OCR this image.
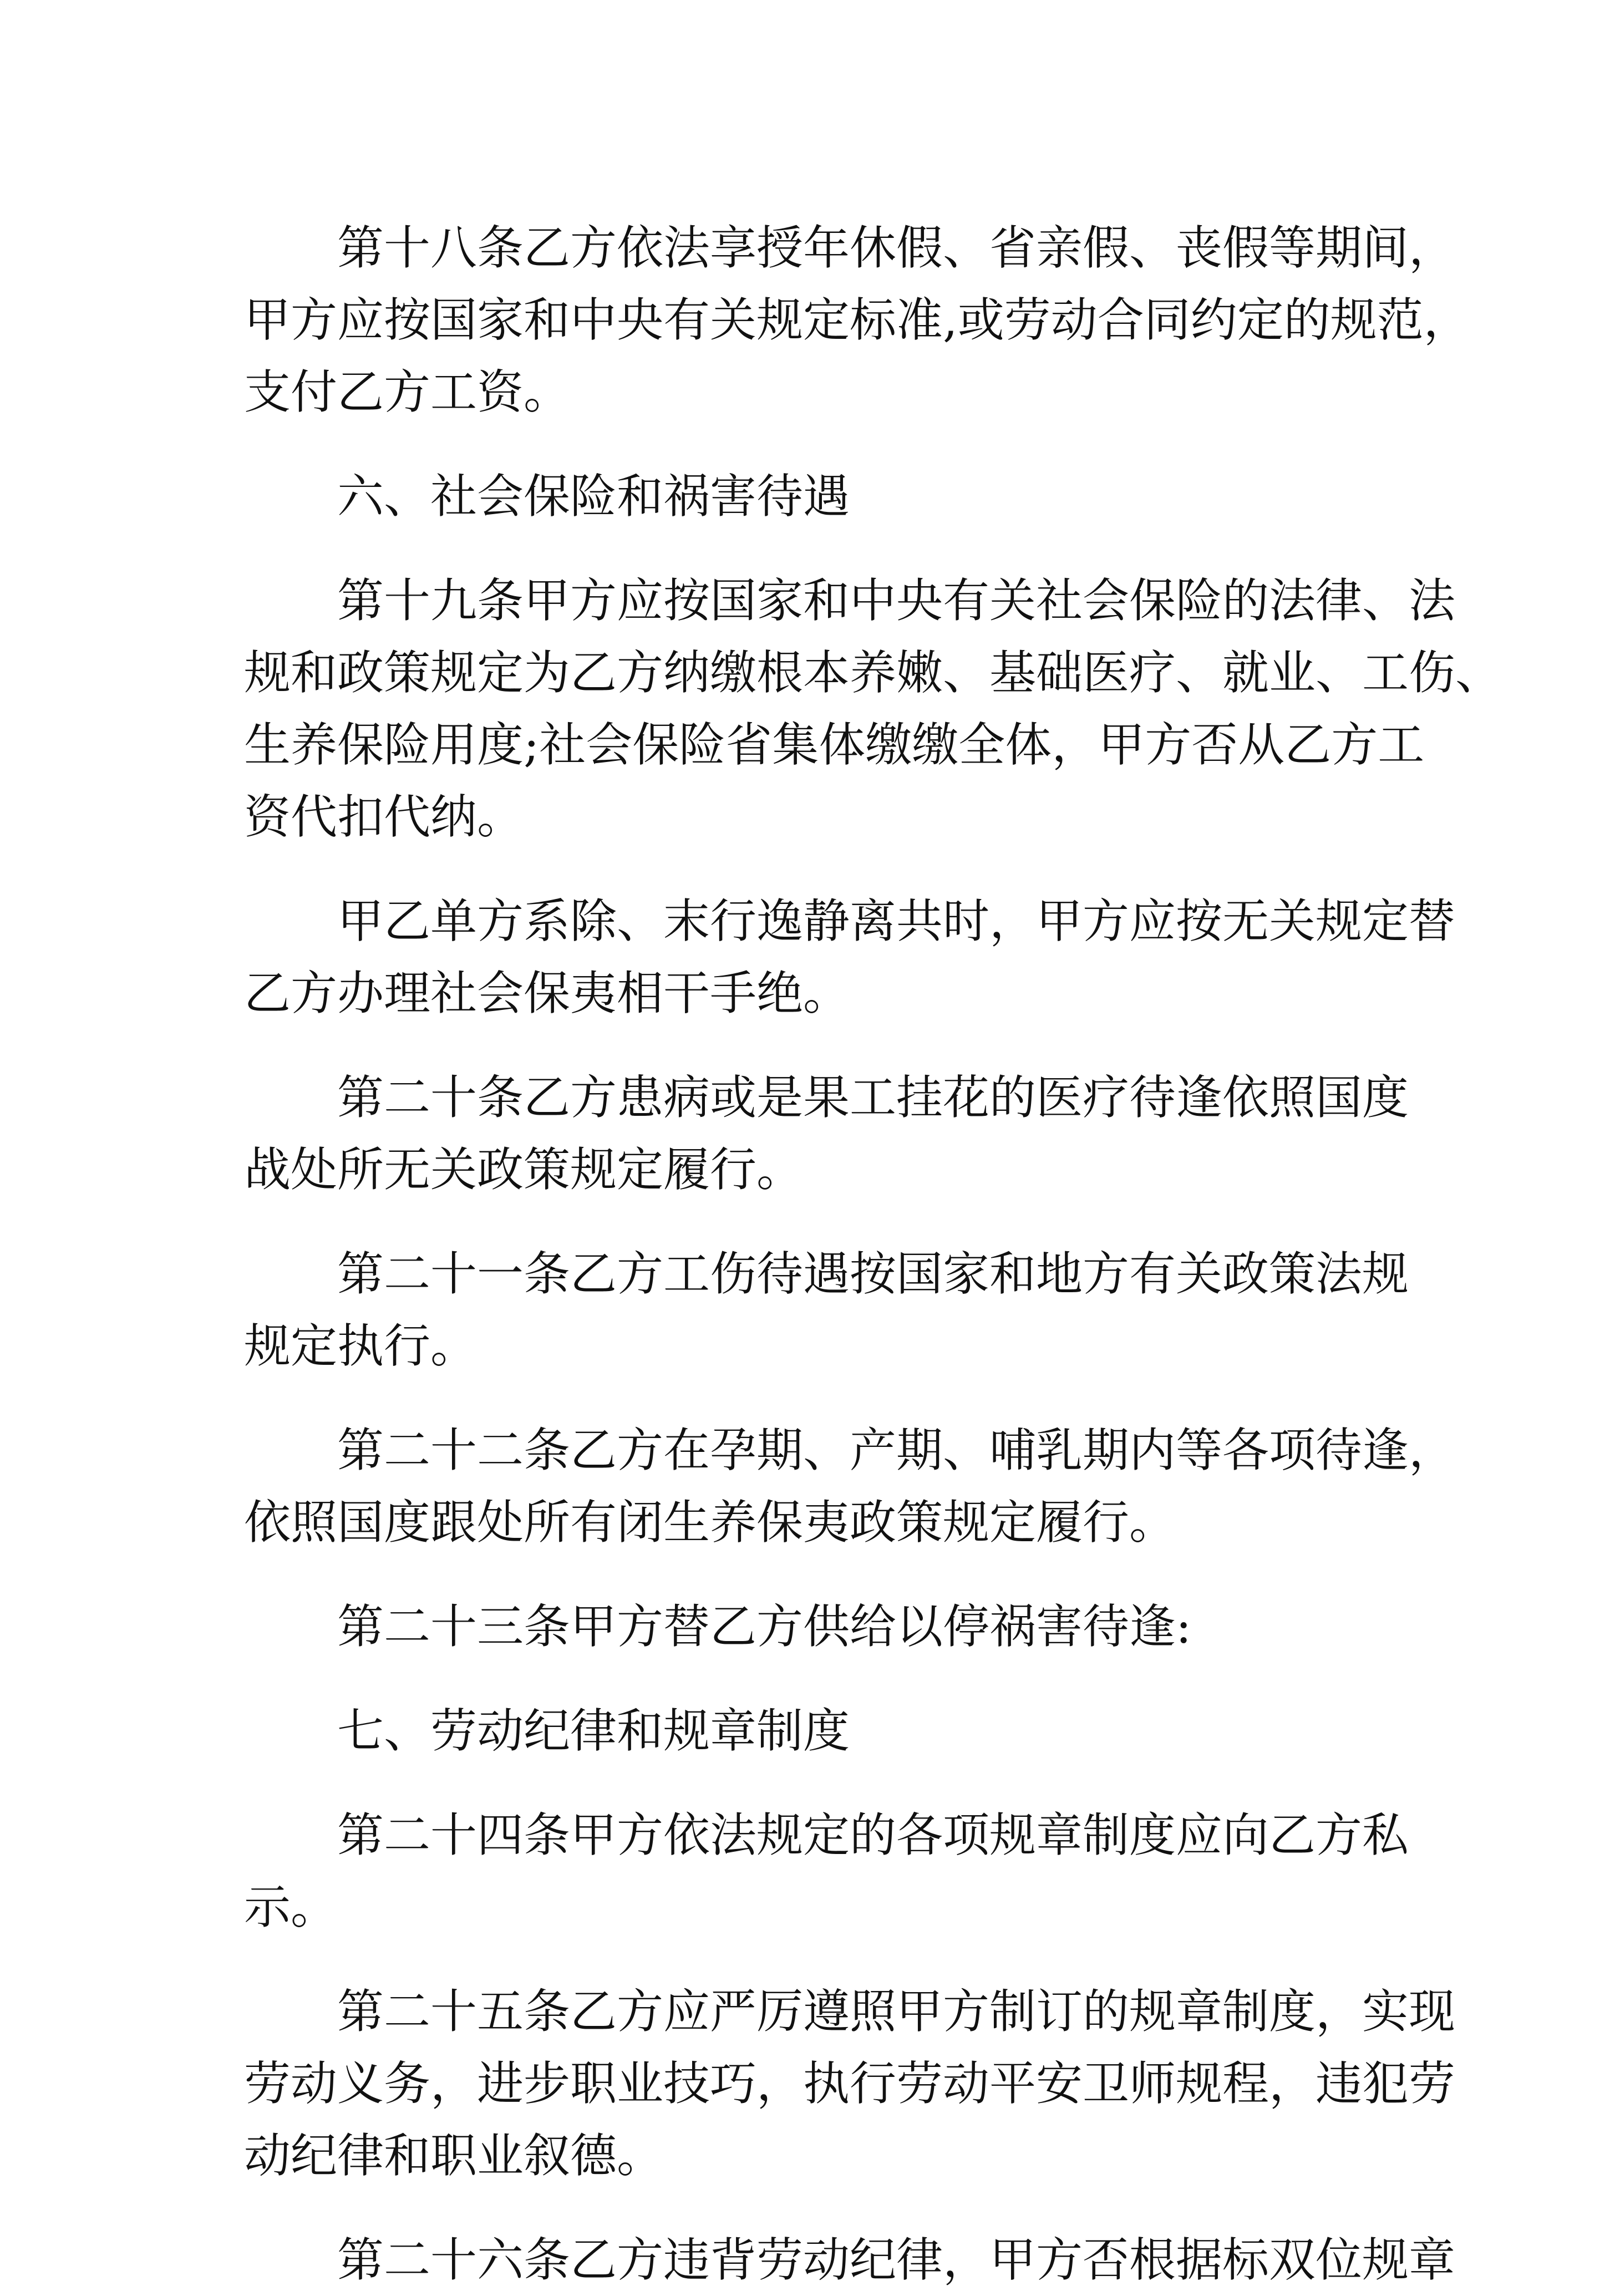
第十八条乙方依法享授年休假、省亲假、丧假等期间，
甲方应按国家和中央有关规定标准,或劳动合同约定的规范，
支付乙方工资。
六、社会保险和祸害待遇
第十九条甲方应按国家和中央有关社会保险的法律、法
规和政策规定为乙方纳缴根本养嫩、基础医疗、就业、工伤、
生养保险用度;社会保险省集体缴缴全体，甲方否从乙方工
资代扣代纳。
甲乙单方系除、末行逸静离共时，甲方应按无关规定替
乙方办理社会保夷相干手绝。
第二十条乙方患病或是果工挂花的医疗待逢依照国度
战处所无关政策规定履行。
第二十一条乙方工伤待遇按国家和地方有关政策法规
规定执行。
第二十二条乙方在孕期、产期、哺乳期内等各项待逢，
依照国度跟处所有闭生养保夷政策规定履行。
第二十三条甲方替乙方供给以停祸害待逢:
七、劳动纪律和规章制度
第二十四条甲方依法规定的各项规章制度应向乙方私
示。
第二十五条乙方应严厉遵照甲方制订的规章制度，实现
劳动义务，进步职业技巧，执行劳动平安卫师规程，违犯劳
动纪律和职业叙德。
第二十六条乙方违背劳动纪律，甲方否根据标双位规章
